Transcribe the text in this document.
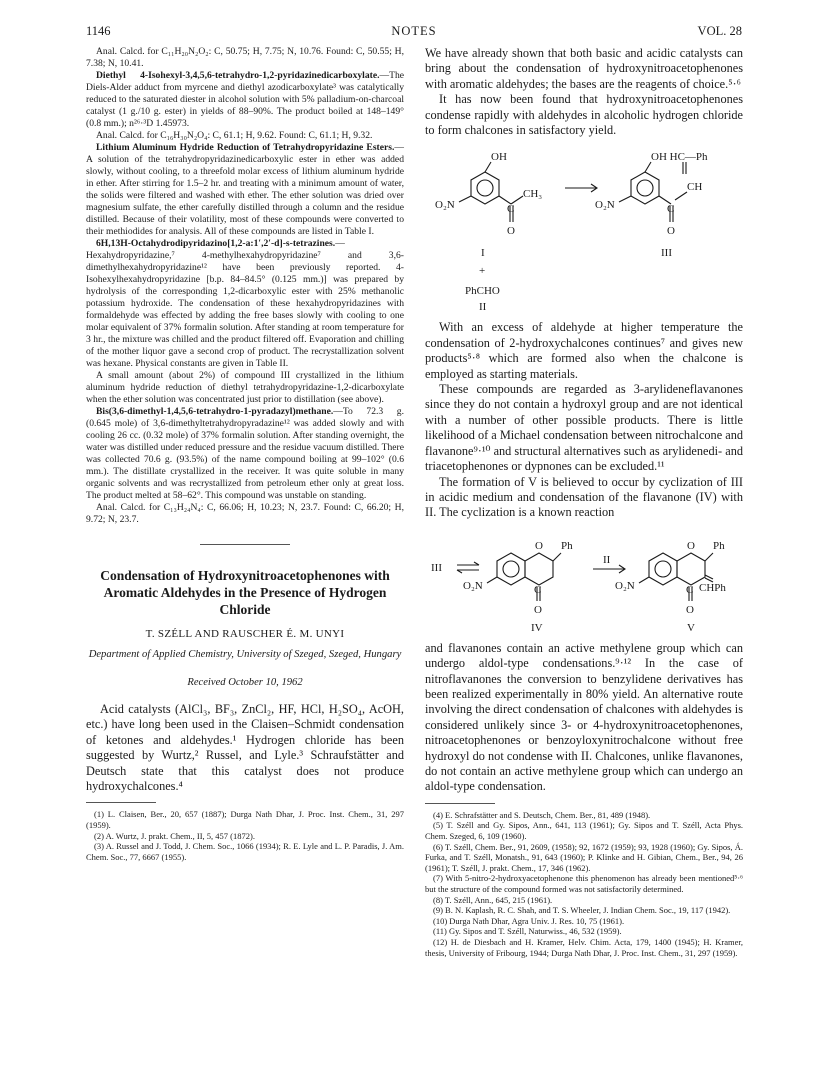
1146	NOTES	VOL. 28

Anal. Calcd. for C₁₁H₂₀N₂O₂: C, 50.75; H, 7.75; N, 10.76. Found: C, 50.55; H, 7.38; N, 10.41.

Diethyl 4-Isohexyl-3,4,5,6-tetrahydro-1,2-pyridazinedicarboxylate.—The Diels-Alder adduct from myrcene and diethyl azodicarboxylate³ was catalytically reduced to the saturated diester in alcohol solution with 5% palladium-on-charcoal catalyst (1 g./10 g. ester) in yields of 88–90%. The product boiled at 148–149° (0.8 mm.); n²⁶·³D 1.45973.

Anal. Calcd. for C₁₆H₃₀N₂O₄: C, 61.1; H, 9.62. Found: C, 61.1; H, 9.32.

Lithium Aluminum Hydride Reduction of Tetrahydropyridazine Esters.—A solution of the tetrahydropyridazinedicarboxylic ester in ether was added slowly, without cooling, to a threefold molar excess of lithium aluminum hydride in ether. After stirring for 1.5–2 hr. and treating with a minimum amount of water, the solids were filtered and washed with ether. The ether solution was dried over magnesium sulfate, the ether carefully distilled through a column and the residue distilled. Because of their volatility, most of these compounds were converted to their methiodides for analysis. All of these compounds are listed in Table I.

6H,13H-Octahydrodipyridazino[1,2-a:1′,2′-d]-s-tetrazines.—Hexahydropyridazine,⁷ 4-methylhexahydropyridazine⁷ and 3,6-dimethylhexahydropyridazine¹² have been previously reported. 4-Isohexylhexahydropyridazine [b.p. 84–84.5° (0.125 mm.)] was prepared by hydrolysis of the corresponding 1,2-dicarboxylic ester with 25% methanolic potassium hydroxide. The condensation of these hexahydropyridazines with formaldehyde was effected by adding the free bases slowly with cooling to one molar equivalent of 37% formalin solution. After standing at room temperature for 3 hr., the mixture was chilled and the product filtered off. Evaporation and chilling of the mother liquor gave a second crop of product. The recrystallization solvent was hexane. Physical constants are given in Table II.

A small amount (about 2%) of compound III crystallized in the lithium aluminum hydride reduction of diethyl tetrahydropyridazine-1,2-dicarboxylate when the ether solution was concentrated just prior to distillation (see above).

Bis(3,6-dimethyl-1,4,5,6-tetrahydro-1-pyradazyl)methane.—To 72.3 g. (0.645 mole) of 3,6-dimethyltetrahydropyradazine¹² was added slowly and with cooling 26 cc. (0.32 mole) of 37% formalin solution. After standing overnight, the water was distilled under reduced pressure and the residue vacuum distilled. There was collected 70.6 g. (93.5%) of the name compound boiling at 99–102° (0.6 mm.). The distillate crystallized in the receiver. It was quite soluble in many organic solvents and was recrystallized from petroleum ether only at great loss. The product melted at 58–62°. This compound was unstable on standing.

Anal. Calcd. for C₁₃H₂₄N₄: C, 66.06; H, 10.23; N, 23.7. Found: C, 66.20; H, 9.72; N, 23.7.

Condensation of Hydroxynitroacetophenones with Aromatic Aldehydes in the Presence of Hydrogen Chloride
T. SZÉLL AND RAUSCHER É. M. UNYI
Department of Applied Chemistry, University of Szeged, Szeged, Hungary
Received October 10, 1962

Acid catalysts (AlCl₃, BF₃, ZnCl₂, HF, HCl, H₂SO₄, AcOH, etc.) have long been used in the Claisen–Schmidt condensation of ketones and aldehydes.¹ Hydrogen chloride has been suggested by Wurtz,² Russel, and Lyle.³ Schraufstätter and Deutsch state that this catalyst does not produce hydroxychalcones.⁴

(1) L. Claisen, Ber., 20, 657 (1887); Durga Nath Dhar, J. Proc. Inst. Chem., 31, 297 (1959).

(2) A. Wurtz, J. prakt. Chem., II, 5, 457 (1872).

(3) A. Russel and J. Todd, J. Chem. Soc., 1066 (1934); R. E. Lyle and L. P. Paradis, J. Am. Chem. Soc., 77, 6667 (1955).

We have already shown that both basic and acidic catalysts can bring about the condensation of hydroxynitroacetophenones with aromatic aldehydes; the bases are the reagents of choice.⁵·⁶

It has now been found that hydroxynitroacetophenones condense rapidly with aldehydes in alcoholic hydrogen chloride to form chalcones in satisfactory yield.

OH
O₂N
CH₃
C
O
I
+
PhCHO
II
OH HC—Ph
CH
O₂N	C
O
III

With an excess of aldehyde at higher temperature the condensation of 2-hydroxychalcones continues⁷ and gives new products⁵·⁸ which are formed also when the chalcone is employed as starting materials.

These compounds are regarded as 3-arylideneflavanones since they do not contain a hydroxyl group and are not identical with a number of other possible products. There is little likelihood of a Michael condensation between nitrochalcone and flavanone⁹·¹⁰ and structural alternatives such as arylidenedi- and triacetophenones or dypnones can be excluded.¹¹

The formation of V is believed to occur by cyclization of III in acidic medium and condensation of the flavanone (IV) with II. The cyclization is a known reaction

III
O Ph
O₂N	C
O
IV
II
O Ph
O₂N	C CHPh
O
V

and flavanones contain an active methylene group which can undergo aldol-type condensations.⁹·¹² In the case of nitroflavanones the conversion to benzylidene derivatives has been realized experimentally in 80% yield. An alternative route involving the direct condensation of chalcones with aldehydes is considered unlikely since 3- or 4-hydroxynitroacetophenones, nitroacetophenones or benzoyloxynitrochalcone without free hydroxyl do not condense with II. Chalcones, unlike flavanones, do not contain an active methylene group which can undergo an aldol-type condensation.

(4) E. Schrafstätter and S. Deutsch, Chem. Ber., 81, 489 (1948).

(5) T. Széll and Gy. Sipos, Ann., 641, 113 (1961); Gy. Sipos and T. Széll, Acta Phys. Chem. Szeged, 6, 109 (1960).

(6) T. Széll, Chem. Ber., 91, 2609, (1958); 92, 1672 (1959); 93, 1928 (1960); Gy. Sipos, Á. Furka, and T. Széll, Monatsh., 91, 643 (1960); P. Klinke and H. Gibian, Chem., Ber., 94, 26 (1961); T. Széll, J. prakt. Chem., 17, 346 (1962).

(7) With 5-nitro-2-hydroxyacetophenone this phenomenon has already been mentioned⁵·⁶ but the structure of the compound formed was not satisfactorily determined.

(8) T. Széll, Ann., 645, 215 (1961).

(9) B. N. Kaplash, R. C. Shah, and T. S. Wheeler, J. Indian Chem. Soc., 19, 117 (1942).

(10) Durga Nath Dhar, Agra Univ. J. Res. 10, 75 (1961).

(11) Gy. Sipos and T. Széll, Naturwiss., 46, 532 (1959).

(12) H. de Diesbach and H. Kramer, Helv. Chim. Acta, 179, 1400 (1945); H. Kramer, thesis, University of Fribourg, 1944; Durga Nath Dhar, J. Proc. Inst. Chem., 31, 297 (1959).
